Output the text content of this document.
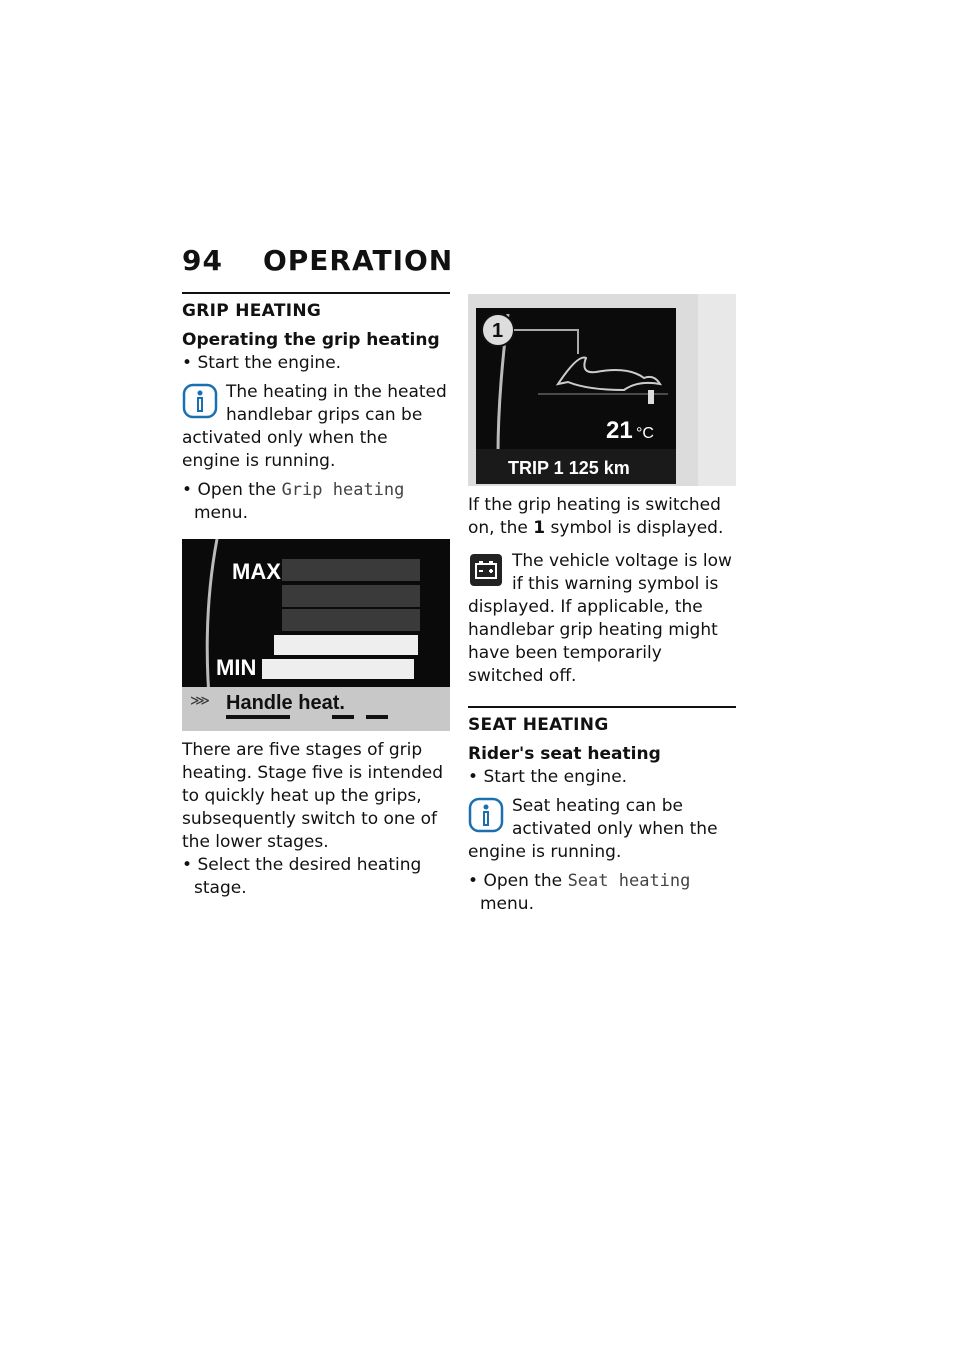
94 OPERATION
GRIP HEATING
Operating the grip heating

• Start the engine.

The heating in the heated handlebar grips can be activated only when the engine is running.

• Open the Grip heating menu.

MAX
MIN
⋙ Handle heat.

There are five stages of grip heating. Stage five is intended to quickly heat up the grips, subsequently switch to one of the lower stages.

• Select the desired heating stage.

1
21 °C
TRIP 1 125 km

If the grip heating is switched on, the 1 symbol is displayed.

The vehicle voltage is low if this warning symbol is displayed. If applicable, the handlebar grip heating might have been temporarily switched off.

SEAT HEATING
Rider's seat heating

• Start the engine.

Seat heating can be activated only when the engine is running.

• Open the Seat heating menu.
